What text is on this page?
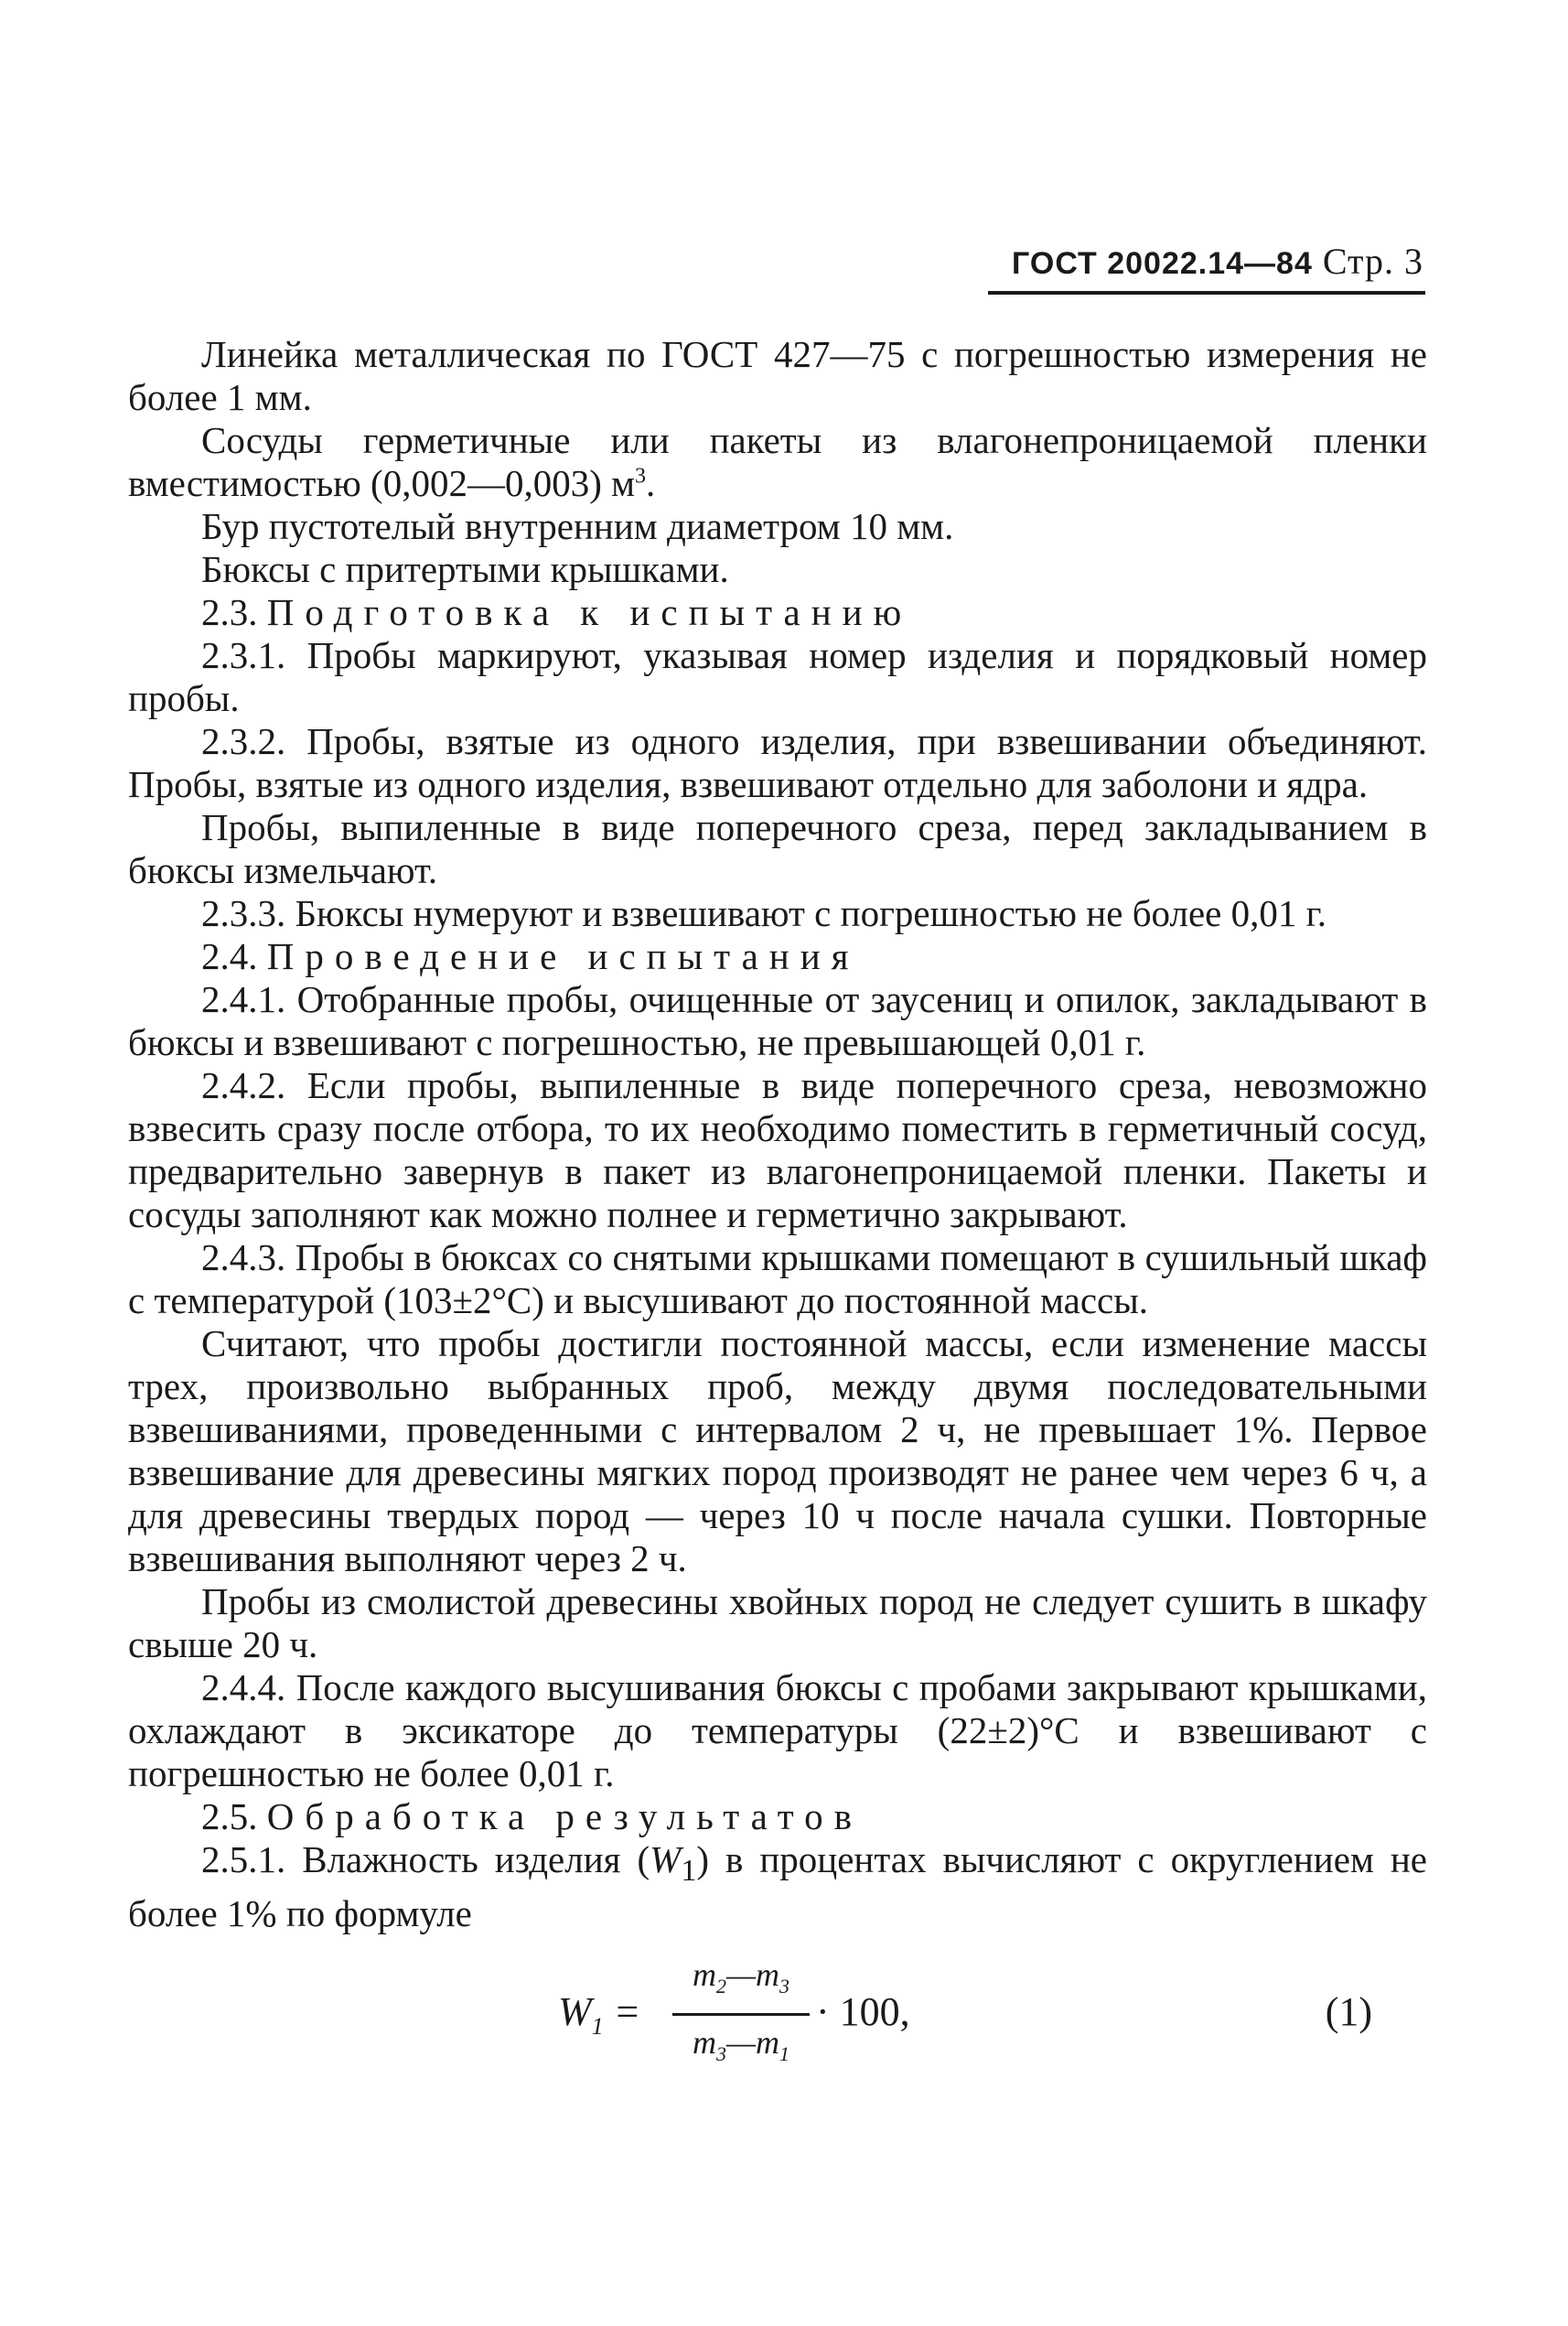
ГОСТ 20022.14—84 Стр. 3

Линейка металлическая по ГОСТ 427—75 с погрешностью измерения не более 1 мм.

Сосуды герметичные или пакеты из влагонепроницаемой пленки вместимостью (0,002—0,003) $м^3$.

Бур пустотелый внутренним диаметром 10 мм.

Бюксы с притертыми крышками.

2.3. Подготовка к испытанию

2.3.1. Пробы маркируют, указывая номер изделия и порядковый номер пробы.

2.3.2. Пробы, взятые из одного изделия, при взвешивании объединяют. Пробы, взятые из одного изделия, взвешивают отдельно для заболони и ядра.

Пробы, выпиленные в виде поперечного среза, перед закладыванием в бюксы измельчают.

2.3.3. Бюксы нумеруют и взвешивают с погрешностью не более 0,01 г.

2.4. Проведение испытания

2.4.1. Отобранные пробы, очищенные от заусениц и опилок, закладывают в бюксы и взвешивают с погрешностью, не превышающей 0,01 г.

2.4.2. Если пробы, выпиленные в виде поперечного среза, невозможно взвесить сразу после отбора, то их необходимо поместить в герметичный сосуд, предварительно завернув в пакет из влагонепроницаемой пленки. Пакеты и сосуды заполняют как можно полнее и герметично закрывают.

2.4.3. Пробы в бюксах со снятыми крышками помещают в сушильный шкаф с температурой (103±2°С) и высушивают до постоянной массы.

Считают, что пробы достигли постоянной массы, если изменение массы трех, произвольно выбранных проб, между двумя последовательными взвешиваниями, проведенными с интервалом 2 ч, не превышает 1%. Первое взвешивание для древесины мягких пород производят не ранее чем через 6 ч, а для древесины твердых пород — через 10 ч после начала сушки. Повторные взвешивания выполняют через 2 ч.

Пробы из смолистой древесины хвойных пород не следует сушить в шкафу свыше 20 ч.

2.4.4. После каждого высушивания бюксы с пробами закрывают крышками, охлаждают в эксикаторе до температуры (22±2)°С и взвешивают с погрешностью не более 0,01 г.

2.5. Обработка результатов

2.5.1. Влажность изделия $(W_1)$ в процентах вычисляют с округлением не более 1% по формуле

$W_1$ =
$m_2—m_3$
$m_3—m_1$
· 100,	(1)
